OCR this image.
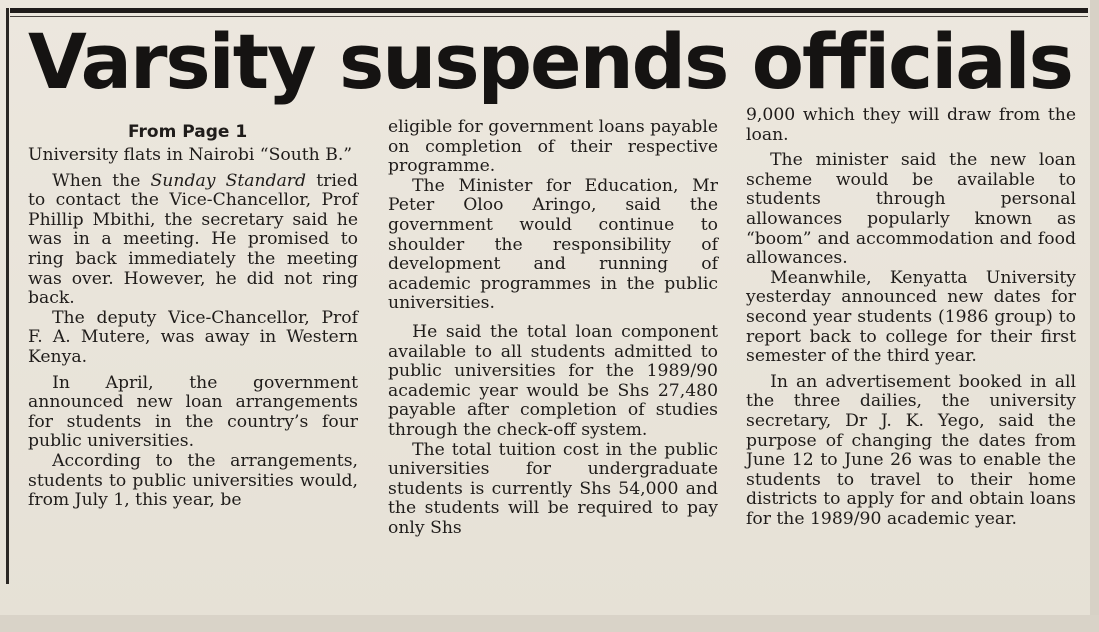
Varsity suspends officials
From Page 1

University flats in Nairobi “South B.”

When the Sunday Standard tried to contact the Vice-Chancellor, Prof Phillip Mbithi, the secretary said he was in a meeting. He promised to ring back immediately the meeting was over. However, he did not ring back.

The deputy Vice-Chancellor, Prof F. A. Mutere, was away in Western Kenya.

In April, the government announced new loan arrangements for students in the country’s four public universities.

According to the arrangements, students to public universities would, from July 1, this year, be

eligible for government loans payable on completion of their respective programme.

The Minister for Education, Mr Peter Oloo Aringo, said the government would continue to shoulder the responsibility of development and running of academic programmes in the public universities.

He said the total loan component available to all students admitted to public universities for the 1989/90 academic year would be Shs 27,480 payable after completion of studies through the check-off system.

The total tuition cost in the public universities for undergraduate students is currently Shs 54,000 and the students will be required to pay only Shs

9,000 which they will draw from the loan.

The minister said the new loan scheme would be available to students through personal allowances popularly known as “boom” and accommodation and food allowances.

Meanwhile, Kenyatta University yesterday announced new dates for second year students (1986 group) to report back to college for their first semester of the third year.

In an advertisement booked in all the three dailies, the university secretary, Dr J. K. Yego, said the purpose of changing the dates from June 12 to June 26 was to enable the students to travel to their home districts to apply for and obtain loans for the 1989/90 academic year.
